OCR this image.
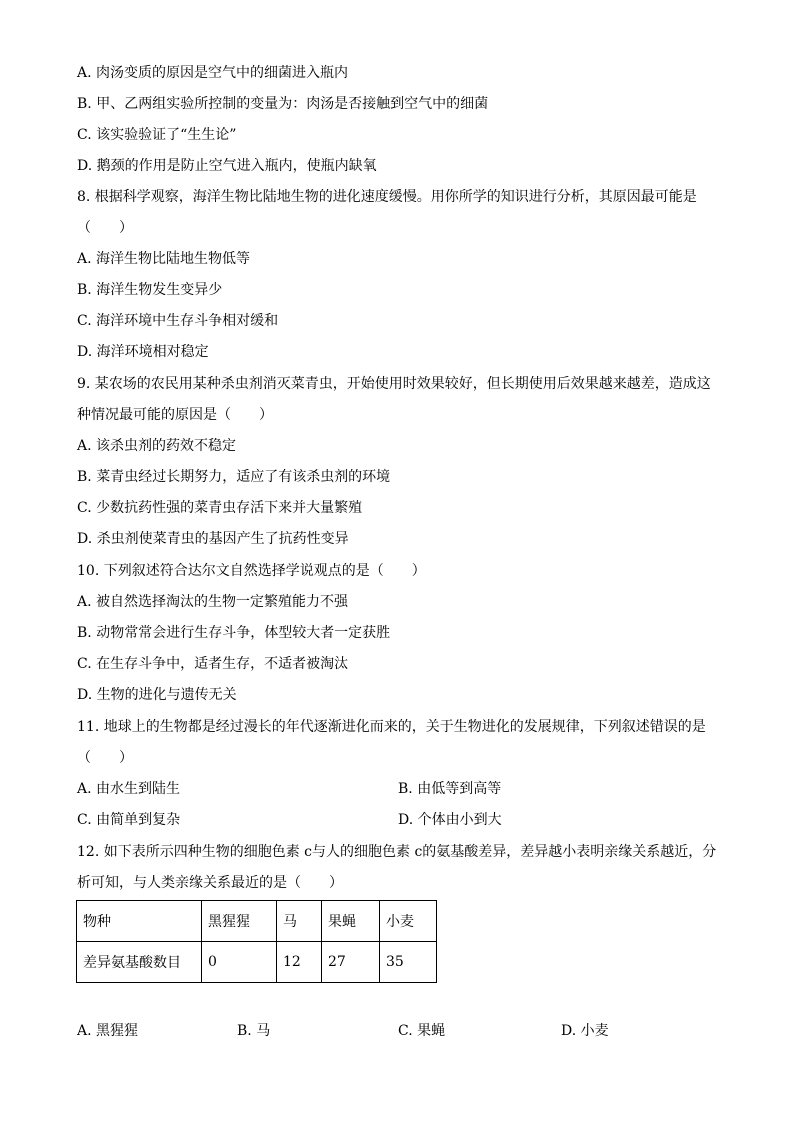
A. 肉汤变质的原因是空气中的细菌进入瓶内
B. 甲、乙两组实验所控制的变量为：肉汤是否接触到空气中的细菌
C. 该实验验证了“生生论”
D. 鹅颈的作用是防止空气进入瓶内，使瓶内缺氧
8. 根据科学观察，海洋生物比陆地生物的进化速度缓慢。用你所学的知识进行分析，其原因最可能是
（　　）
A. 海洋生物比陆地生物低等
B. 海洋生物发生变异少
C. 海洋环境中生存斗争相对缓和
D. 海洋环境相对稳定
9. 某农场的农民用某种杀虫剂消灭菜青虫，开始使用时效果较好，但长期使用后效果越来越差，造成这
种情况最可能的原因是（　　）
A. 该杀虫剂的药效不稳定
B. 菜青虫经过长期努力，适应了有该杀虫剂的环境
C. 少数抗药性强的菜青虫存活下来并大量繁殖
D. 杀虫剂使菜青虫的基因产生了抗药性变异
10. 下列叙述符合达尔文自然选择学说观点的是（　　）
A. 被自然选择淘汰的生物一定繁殖能力不强
B. 动物常常会进行生存斗争，体型较大者一定获胜
C. 在生存斗争中，适者生存，不适者被淘汰
D. 生物的进化与遗传无关
11. 地球上的生物都是经过漫长的年代逐渐进化而来的，关于生物进化的发展规律，下列叙述错误的是
（　　）
A. 由水生到陆生	B. 由低等到高等
C. 由简单到复杂	D. 个体由小到大
12. 如下表所示四种生物的细胞色素 c与人的细胞色素 c的氨基酸差异，差异越小表明亲缘关系越近，分
析可知，与人类亲缘关系最近的是（　　）
物种	黑猩猩	马	果蝇	小麦
差异氨基酸数目	0	12	27	35
A. 黑猩猩	B. 马	C. 果蝇	D. 小麦
